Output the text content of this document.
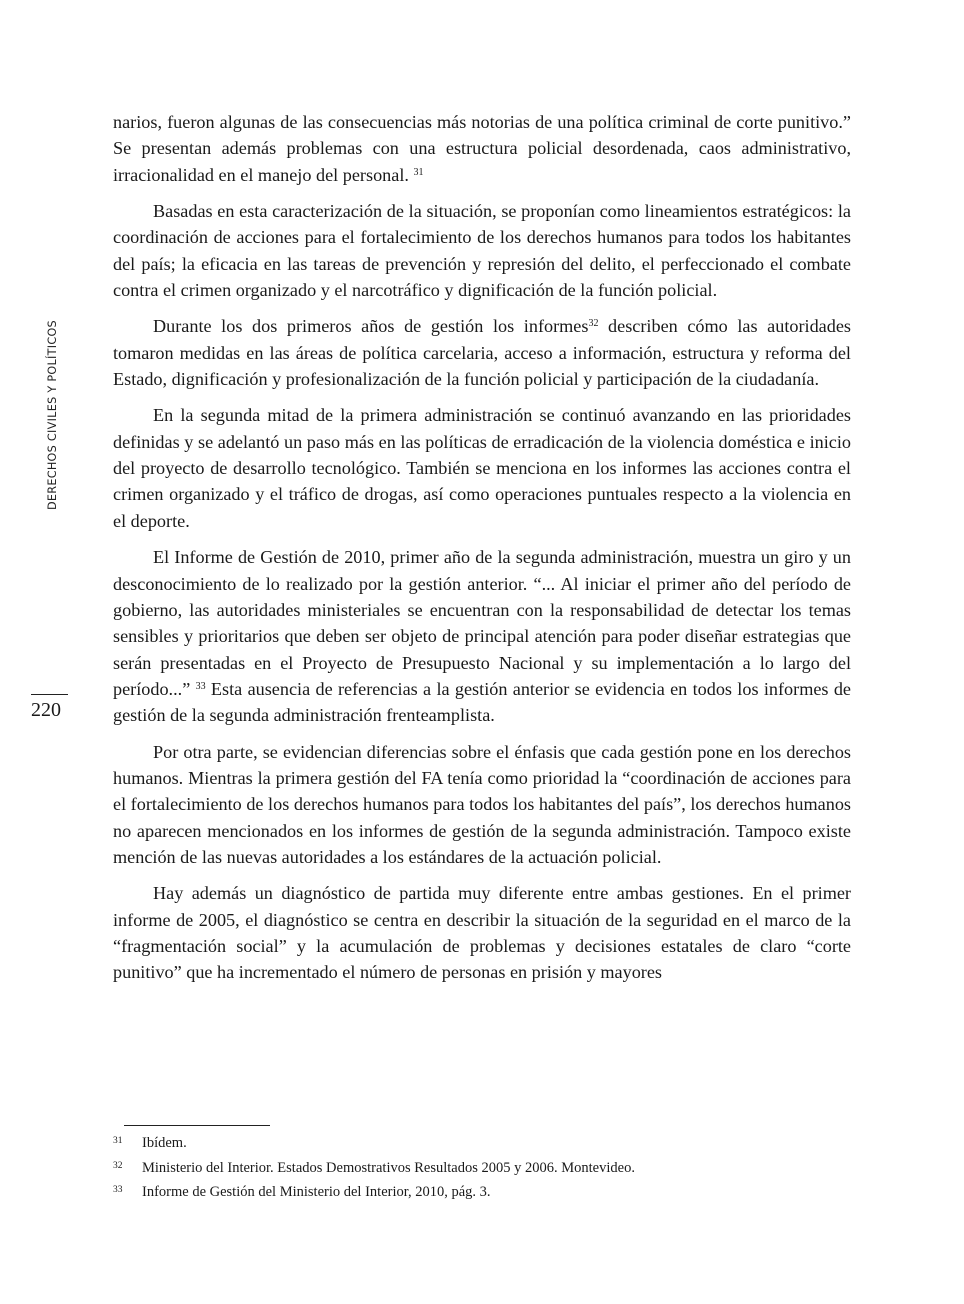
DERECHOS CIVILES Y POLÍTICOS
220

narios, fueron algunas de las consecuencias más notorias de una política criminal de corte punitivo.” Se presentan además problemas con una estructura policial desordenada, caos administrativo, irracionalidad en el manejo del personal. $^{31}$

Basadas en esta caracterización de la situación, se proponían como lineamientos estratégicos: la coordinación de acciones para el fortalecimiento de los derechos humanos para todos los habitantes del país; la eficacia en las tareas de prevención y represión del delito, el perfeccionado el combate contra el crimen organizado y el narcotráfico y dignificación de la función policial.

Durante los dos primeros años de gestión los informes$^{32}$ describen cómo las autoridades tomaron medidas en las áreas de política carcelaria, acceso a información, estructura y reforma del Estado, dignificación y profesionalización de la función policial y participación de la ciudadanía.

En la segunda mitad de la primera administración se continuó avanzando en las prioridades definidas y se adelantó un paso más en las políticas de erradicación de la violencia doméstica e inicio del proyecto de desarrollo tecnológico. También se menciona en los informes las acciones contra el crimen organizado y el tráfico de drogas, así como operaciones puntuales respecto a la violencia en el deporte.

El Informe de Gestión de 2010, primer año de la segunda administración, muestra un giro y un desconocimiento de lo realizado por la gestión anterior. “... Al iniciar el primer año del período de gobierno, las autoridades ministeriales se encuentran con la responsabilidad de detectar los temas sensibles y prioritarios que deben ser objeto de principal atención para poder diseñar estrategias que serán presentadas en el Proyecto de Presupuesto Nacional y su implementación a lo largo del período...” $^{33}$ Esta ausencia de referencias a la gestión anterior se evidencia en todos los informes de gestión de la segunda administración frenteamplista.

Por otra parte, se evidencian diferencias sobre el énfasis que cada gestión pone en los derechos humanos. Mientras la primera gestión del FA tenía como prioridad la “coordinación de acciones para el fortalecimiento de los derechos humanos para todos los habitantes del país”, los derechos humanos no aparecen mencionados en los informes de gestión de la segunda administración. Tampoco existe mención de las nuevas autoridades a los estándares de la actuación policial.

Hay además un diagnóstico de partida muy diferente entre ambas gestiones. En el primer informe de 2005, el diagnóstico se centra en describir la situación de la seguridad en el marco de la “fragmentación social” y la acumulación de problemas y decisiones estatales de claro “corte punitivo” que ha incrementado el número de personas en prisión y mayores

31	Ibídem.
32	Ministerio del Interior. Estados Demostrativos Resultados 2005 y 2006. Montevideo.
33	Informe de Gestión del Ministerio del Interior, 2010, pág. 3.
